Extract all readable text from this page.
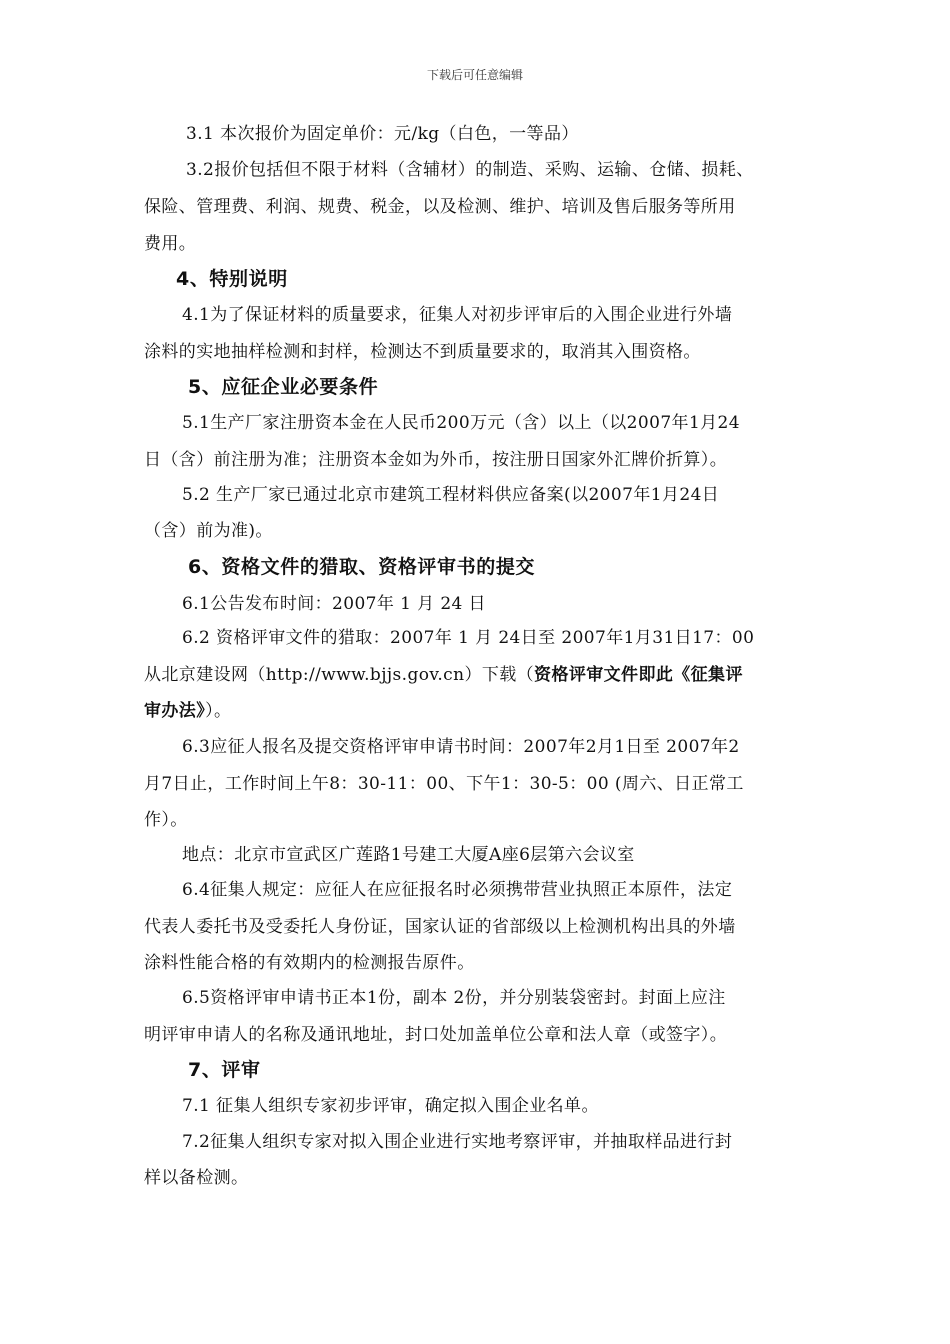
下载后可任意编辑
3.1 本次报价为固定单价：元/kg（白色，一等品）
3.2报价包括但不限于材料（含辅材）的制造、采购、运输、仓储、损耗、
保险、管理费、利润、规费、税金，以及检测、维护、培训及售后服务等所用
费用。
4、特别说明
4.1为了保证材料的质量要求，征集人对初步评审后的入围企业进行外墙
涂料的实地抽样检测和封样，检测达不到质量要求的，取消其入围资格。
5、应征企业必要条件
5.1生产厂家注册资本金在人民币200万元（含）以上（以2007年1月24
日（含）前注册为准；注册资本金如为外币，按注册日国家外汇牌价折算）。
5.2 生产厂家已通过北京市建筑工程材料供应备案(以2007年1月24日
（含）前为准)。
6、资格文件的猎取、资格评审书的提交
6.1公告发布时间：2007年 1 月 24 日
6.2 资格评审文件的猎取：2007年 1 月 24日至 2007年1月31日17：00
从北京建设网（http://www.bjjs.gov.cn）下载（资格评审文件即此《征集评
审办法》）。
6.3应征人报名及提交资格评审申请书时间：2007年2月1日至 2007年2
月7日止，工作时间上午8：30-11：00、下午1：30-5：00 (周六、日正常工
作）。
地点：北京市宣武区广莲路1号建工大厦A座6层第六会议室
6.4征集人规定：应征人在应征报名时必须携带营业执照正本原件，法定
代表人委托书及受委托人身份证，国家认证的省部级以上检测机构出具的外墙
涂料性能合格的有效期内的检测报告原件。
6.5资格评审申请书正本1份，副本 2份，并分别装袋密封。封面上应注
明评审申请人的名称及通讯地址，封口处加盖单位公章和法人章（或签字）。
7、评审
7.1 征集人组织专家初步评审，确定拟入围企业名单。
7.2征集人组织专家对拟入围企业进行实地考察评审，并抽取样品进行封
样以备检测。
